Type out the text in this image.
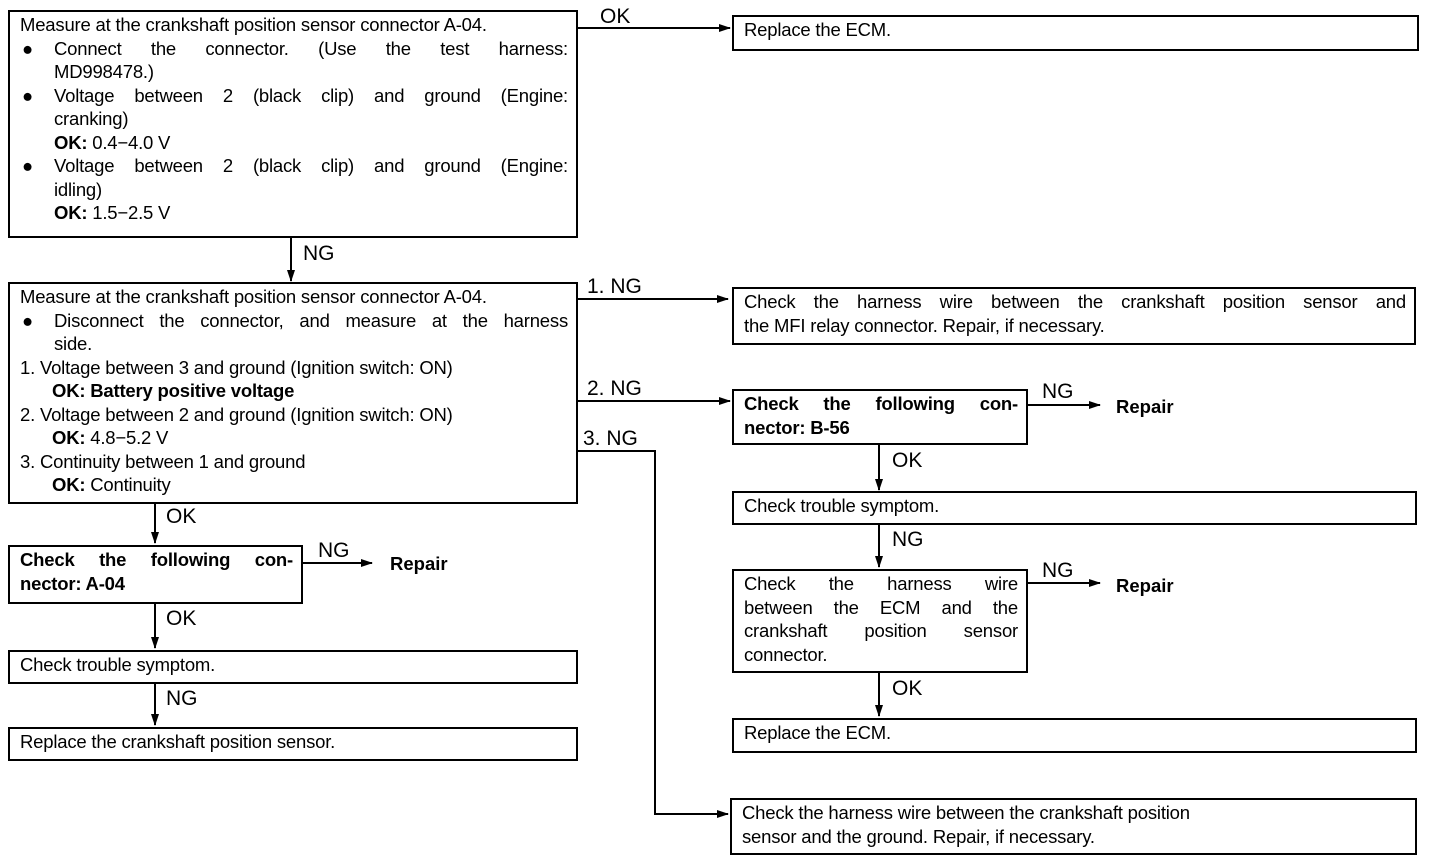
Measure at the crankshaft position sensor connector A-04.

● Connect the connector. (Use the test harness:

MD998478.)

● Voltage between 2 (black clip) and ground (Engine:

cranking)

OK: 0.4−4.0 V

● Voltage between 2 (black clip) and ground (Engine:

idling)

OK: 1.5−2.5 V

Replace the ECM.

Measure at the crankshaft position sensor connector A-04.

● Disconnect the connector, and measure at the harness

side.

1. Voltage between 3 and ground (Ignition switch: ON)

OK: Battery positive voltage

2. Voltage between 2 and ground (Ignition switch: ON)

OK: 4.8−5.2 V

3. Continuity between 1 and ground

OK: Continuity

Check the harness wire between the crankshaft position sensor and

the MFI relay connector. Repair, if necessary.

Check the following con-

nector: B-56

Check the following con-

nector: A-04

Check trouble symptom.

Check trouble symptom.

Check the harness wire

between the ECM and the

crankshaft position sensor

connector.

Replace the crankshaft position sensor.	Replace the ECM.

Check the harness wire between the crankshaft position

sensor and the ground. Repair, if necessary.

OK
NG
1. NG
2. NG
3. NG
OK
NG
Repair
OK
NG
NG
Repair
OK
NG
NG
Repair
OK
